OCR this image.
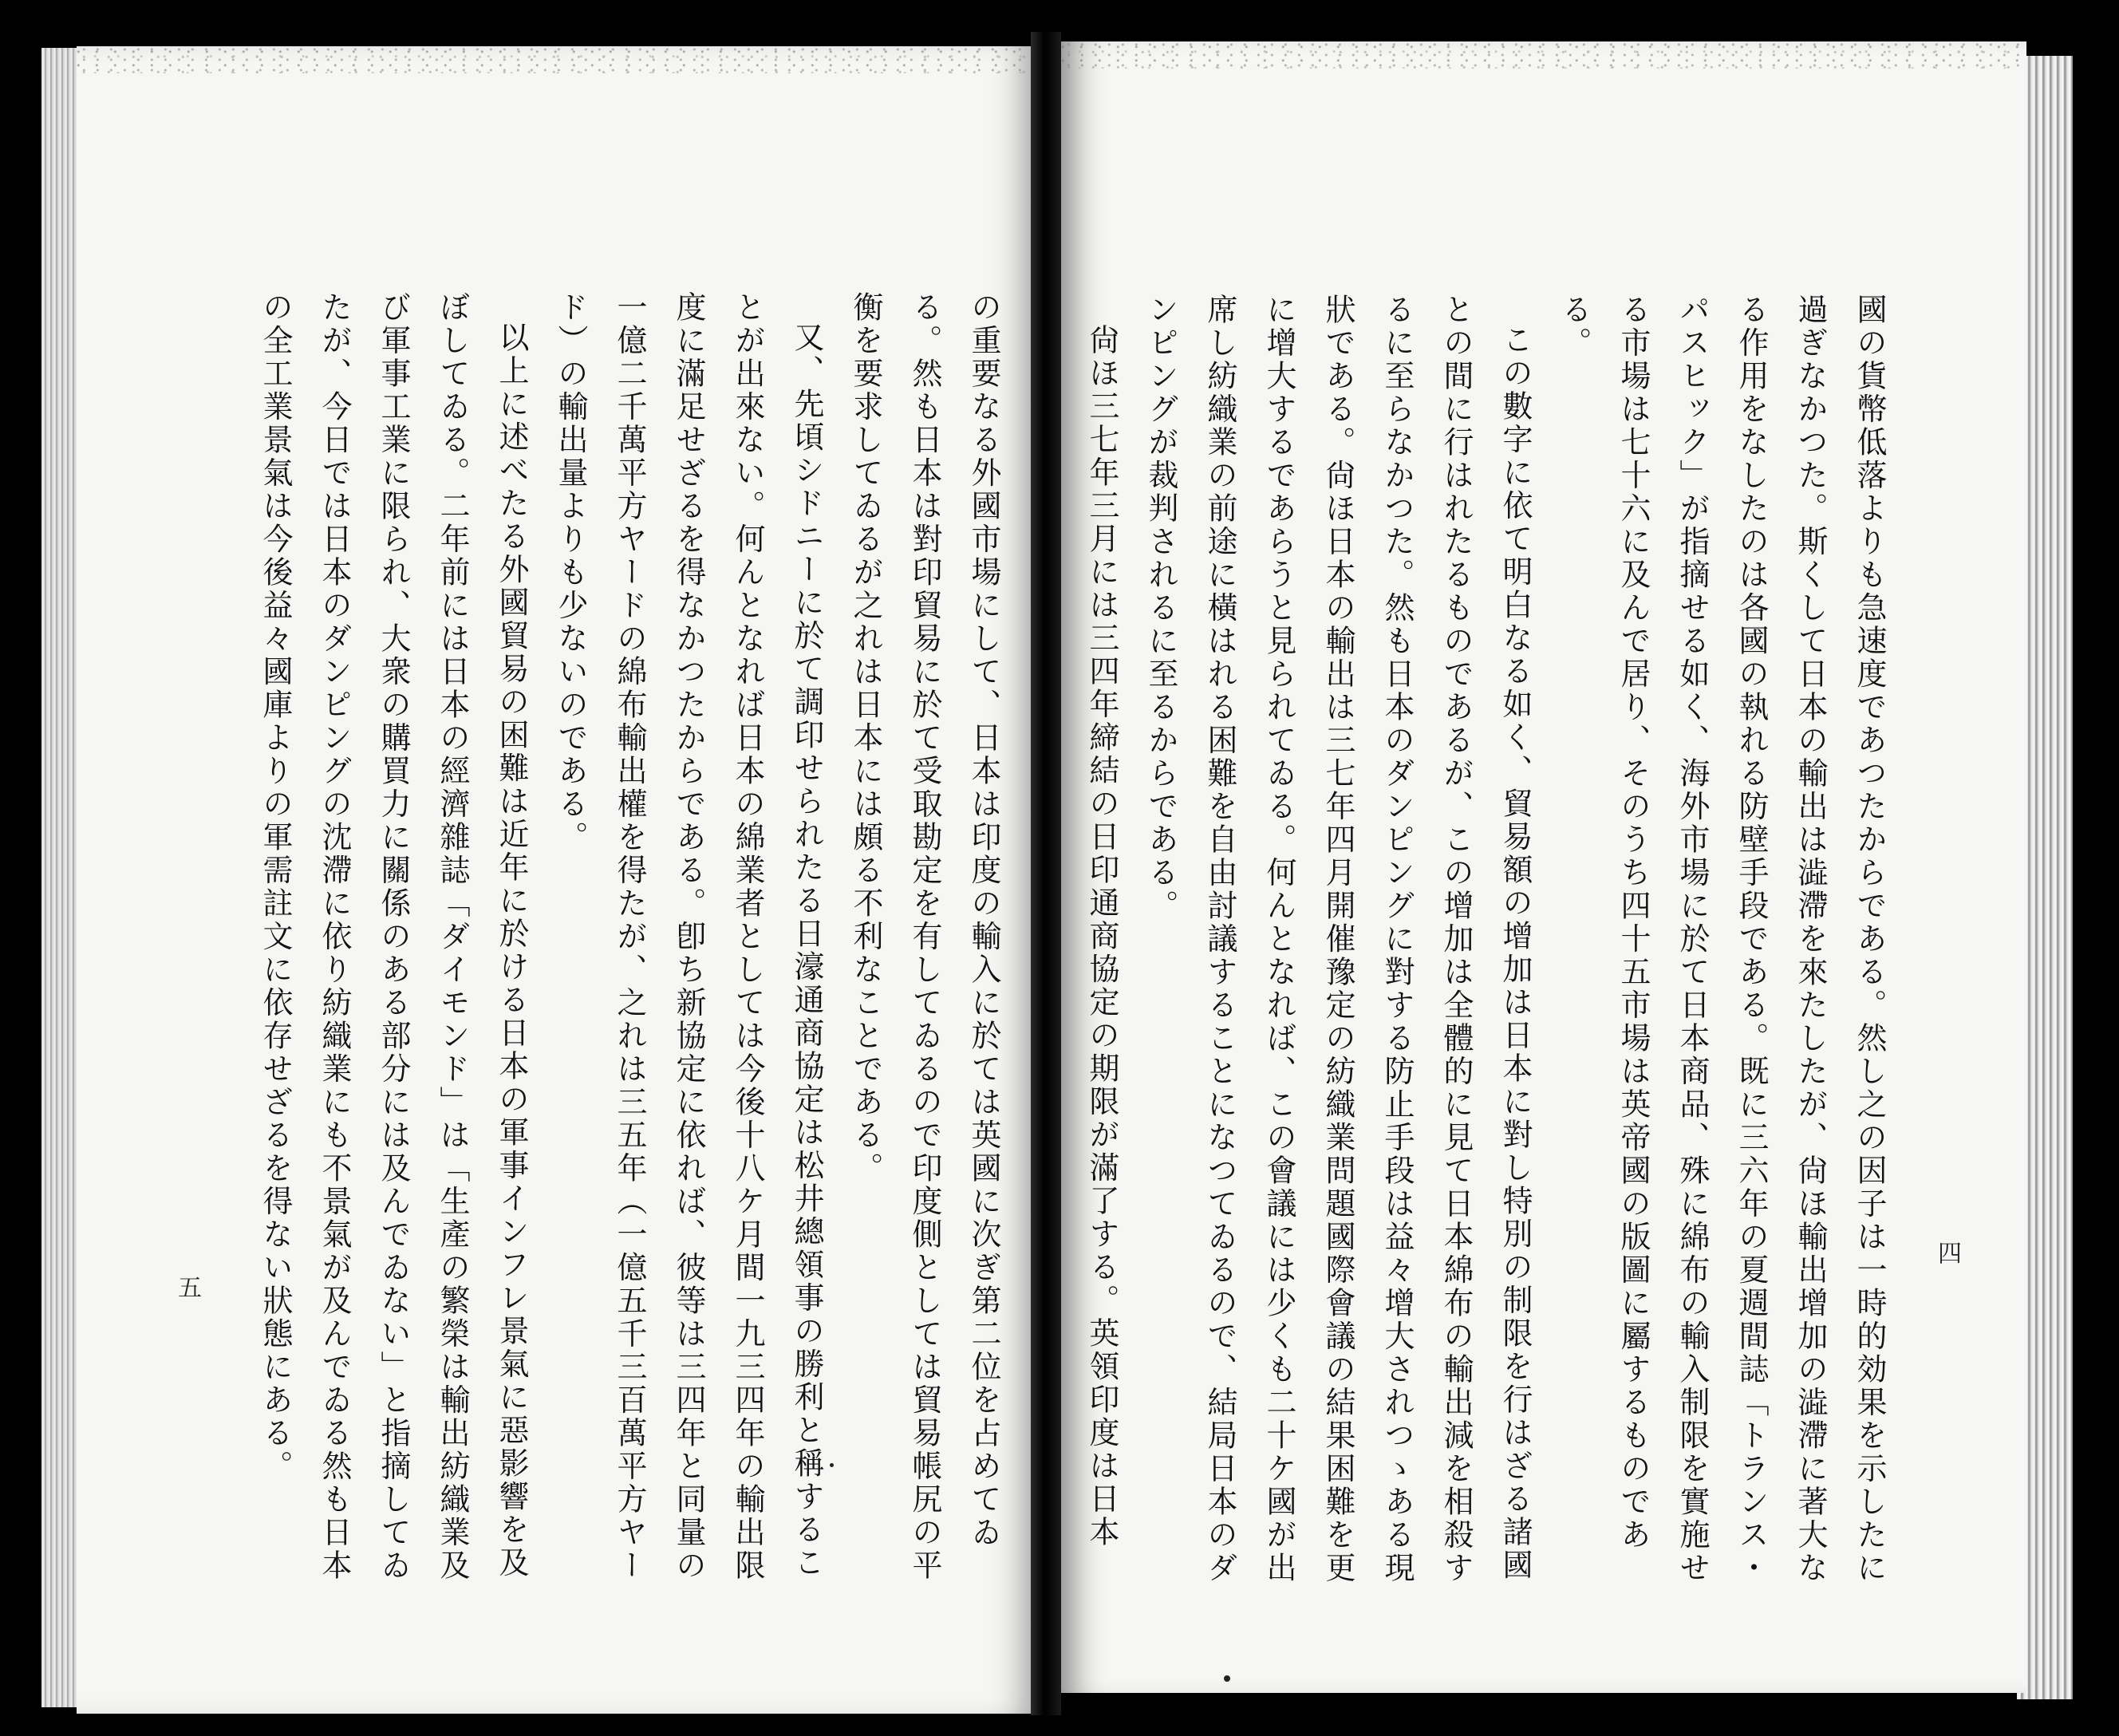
國の貨幣低落よりも急速度であつたからである。然し之の因子は一時的効果を示したに過ぎなかつた。斯くして日本の輸出は澁滯を來たしたが、尙ほ輸出增加の澁滯に著大なる作用をなしたのは各國の執れる防壁手段である。既に三六年の夏週間誌「トランス・パスヒック」が指摘せる如く、海外市場に於て日本商品、殊に綿布の輸入制限を實施せる市場は七十六に及んで居り、そのうち四十五市場は英帝國の版圖に屬するものである。

この數字に依て明白なる如く、貿易額の增加は日本に對し特別の制限を行はざる諸國との間に行はれたるものであるが、この增加は全體的に見て日本綿布の輸出減を相殺するに至らなかつた。然も日本のダンピングに對する防止手段は益々增大されつゝある現狀である。尙ほ日本の輸出は三七年四月開催豫定の紡織業問題國際會議の結果困難を更に增大するであらうと見られてゐる。何んとなれば、この會議には少くも二十ケ國が出席し紡織業の前途に橫はれる困難を自由討議することになつてゐるので、結局日本のダンピングが裁判されるに至るからである。

尙ほ三七年三月には三四年締結の日印通商協定の期限が滿了する。英領印度は日本	四

の重要なる外國市場にして、日本は印度の輸入に於ては英國に次ぎ第二位を占めてゐる。然も日本は對印貿易に於て受取勘定を有してゐるので印度側としては貿易帳尻の平衡を要求してゐるが之れは日本には頗る不利なことである。

又、先頃シドニーに於て調印せられたる日濠通商協定は松井總領事の勝利と稱することが出來ない。何んとなれば日本の綿業者としては今後十八ケ月間一九三四年の輸出限度に滿足せざるを得なかつたからである。卽ち新協定に依れば、彼等は三四年と同量の一億二千萬平方ヤードの綿布輸出權を得たが、之れは三五年（一億五千三百萬平方ヤード）の輸出量よりも少ないのである。

以上に述べたる外國貿易の困難は近年に於ける日本の軍事インフレ景氣に惡影響を及ぼしてゐる。二年前には日本の經濟雜誌「ダイモンド」は「生產の繁榮は輸出紡織業及び軍事工業に限られ、大衆の購買力に關係のある部分には及んでゐない」と指摘してゐたが、今日では日本のダンピングの沈滯に依り紡織業にも不景氣が及んでゐる然も日本の全工業景氣は今後益々國庫よりの軍需註文に依存せざるを得ない狀態にある。

五
